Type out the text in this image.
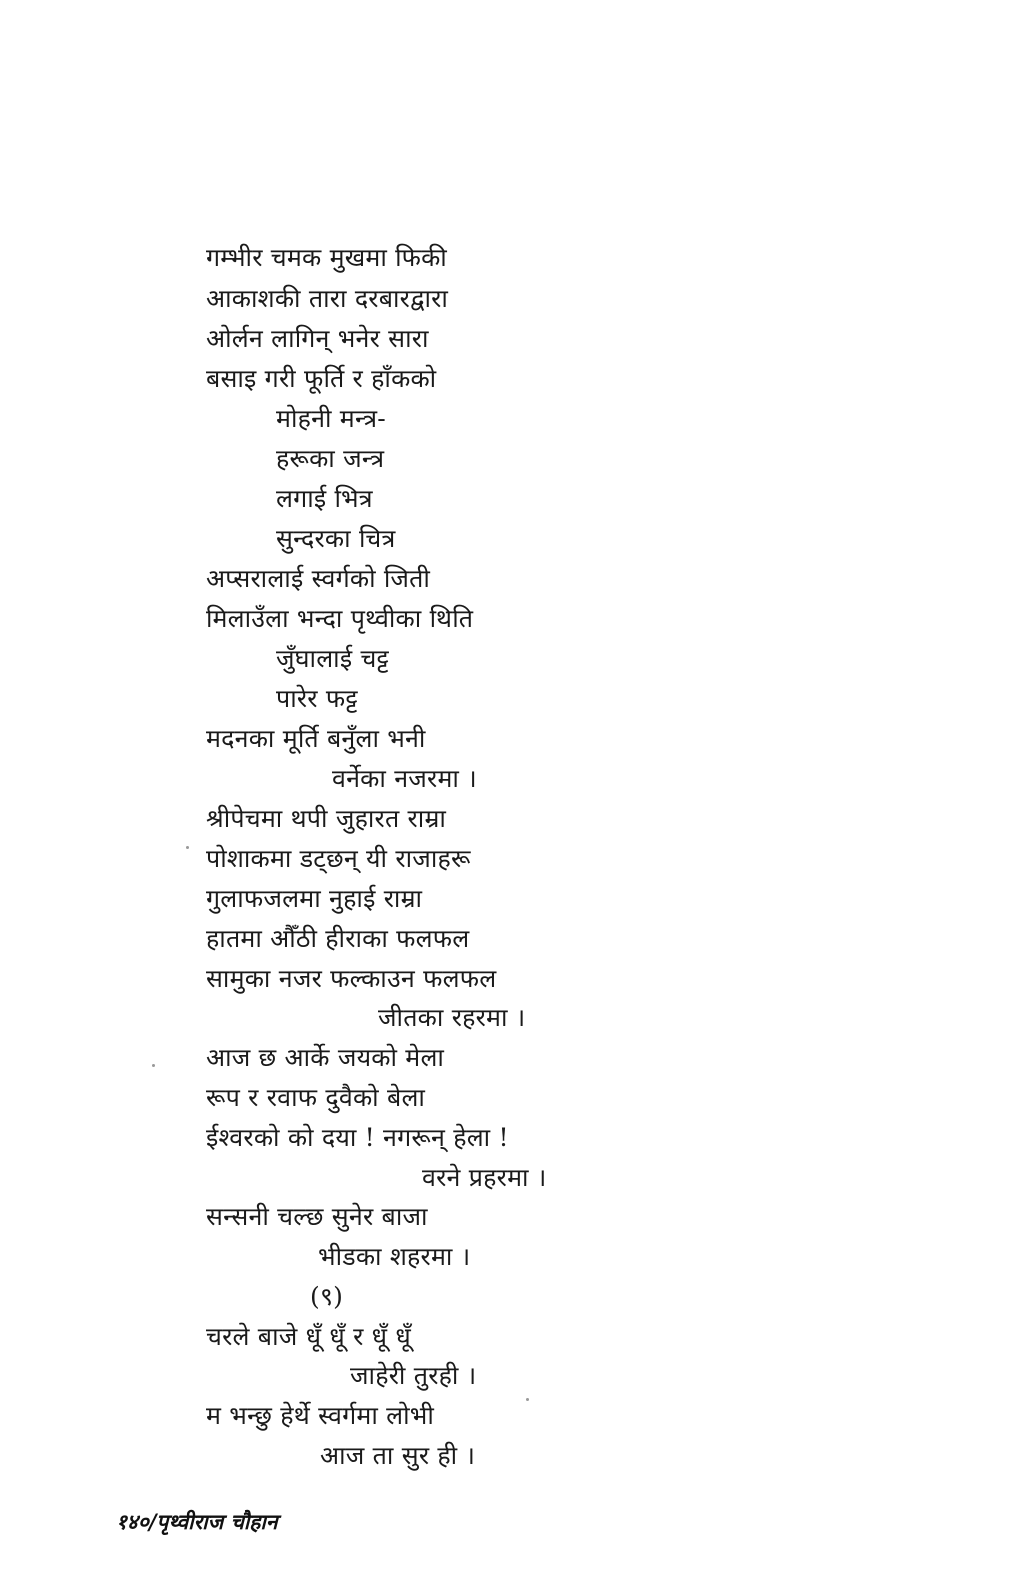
गम्भीर चमक मुखमा फिकी
आकाशकी तारा दरबारद्वारा
ओर्लन लागिन् भनेर सारा
बसाइ गरी फूर्ति र हाँकको
मोहनी मन्त्र-
हरूका जन्त्र
लगाई भित्र
सुन्दरका चित्र
अप्सरालाई स्वर्गको जिती
मिलाउँला भन्दा पृथ्वीका थिति
जुँघालाई चट्ट
पारेर फट्ट
मदनका मूर्ति बनुँला भनी
वर्नेका नजरमा ।
श्रीपेचमा थपी जुहारत राम्रा
पोशाकमा डट्छन् यी राजाहरू
गुलाफजलमा नुहाई राम्रा
हातमा औँठी हीराका फलफल
सामुका नजर फल्काउन फलफल
जीतका रहरमा ।
आज छ आर्के जयको मेला
रूप र रवाफ दुवैको बेला
ईश्वरको को दया ! नगरून् हेला !
वरने प्रहरमा ।
सन्सनी चल्छ सुनेर बाजा
भीडका शहरमा ।
(९)
चरले बाजे धूँ धूँ र धूँ धूँ
जाहेरी तुरही ।
म भन्छु हेर्थे स्वर्गमा लोभी
आज ता सुर ही ।
१४०/पृथ्वीराज चौहान
